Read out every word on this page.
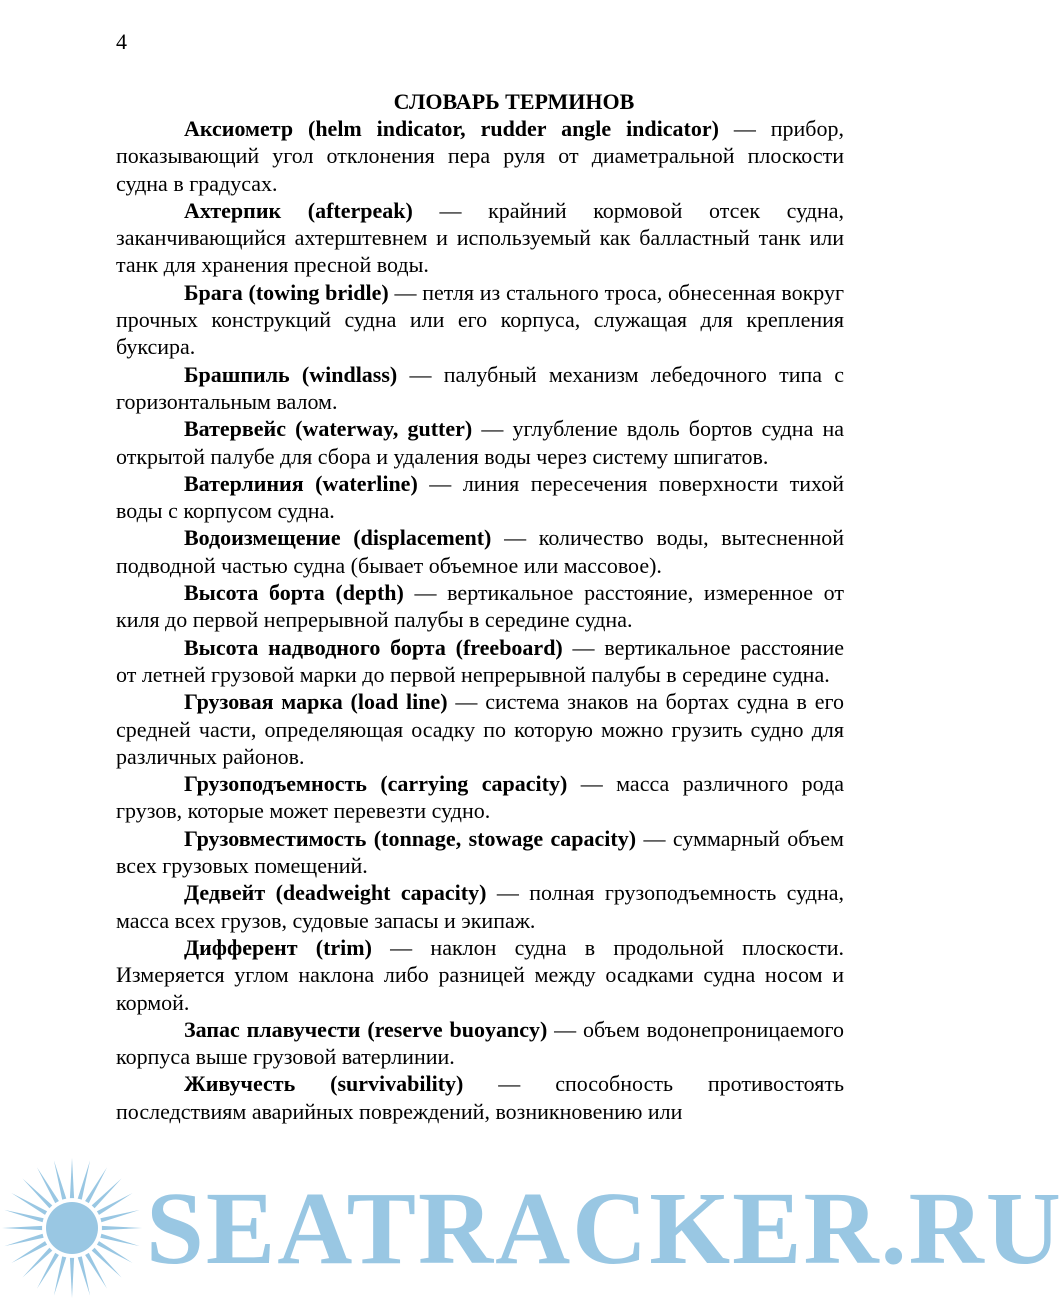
4
СЛОВАРЬ ТЕРМИНОВ

Аксиометр (helm indicator, rudder angle indicator) — прибор, показывающий угол отклонения пера руля от диаметральной плоскости судна в градусах.

Ахтерпик (afterpeak) — крайний кормовой отсек судна, заканчивающийся ахтерштевнем и используемый как балластный танк или танк для хранения пресной воды.

Брага (towing bridle) — петля из стального троса, обнесенная вокруг прочных конструкций судна или его корпуса, служащая для крепления буксира.

Брашпиль (windlass) — палубный механизм лебедочного типа с горизонтальным валом.

Ватервейс (waterway, gutter) — углубление вдоль бортов судна на открытой палубе для сбора и удаления воды через систему шпигатов.

Ватерлиния (waterline) — линия пересечения поверхности тихой воды с корпусом судна.

Водоизмещение (displacement) — количество воды, вытесненной подводной частью судна (бывает объемное или массовое).

Высота борта (depth) — вертикальное расстояние, измеренное от киля до первой непрерывной палубы в середине судна.

Высота надводного борта (freeboard) — вертикальное расстояние от летней грузовой марки до первой непрерывной палубы в середине судна.

Грузовая марка (load line) — система знаков на бортах судна в его средней части, определяющая осадку по которую можно грузить судно для различных районов.

Грузоподъемность (carrying capacity) — масса различного рода грузов, которые может перевезти судно.

Грузовместимость (tonnage, stowage capacity) — суммарный объем всех грузовых помещений.

Дедвейт (deadweight capacity) — полная грузоподъемность судна, масса всех грузов, судовые запасы и экипаж.

Дифферент (trim) — наклон судна в продольной плоскости. Измеряется углом наклона либо разницей между осадками судна носом и кормой.

Запас плавучести (reserve buoyancy) — объем водонепроницаемого корпуса выше грузовой ватерлинии.

Живучесть (survivability) — способность противостоять последствиям аварийных повреждений, возникновению или

SEATRACKER.RU
